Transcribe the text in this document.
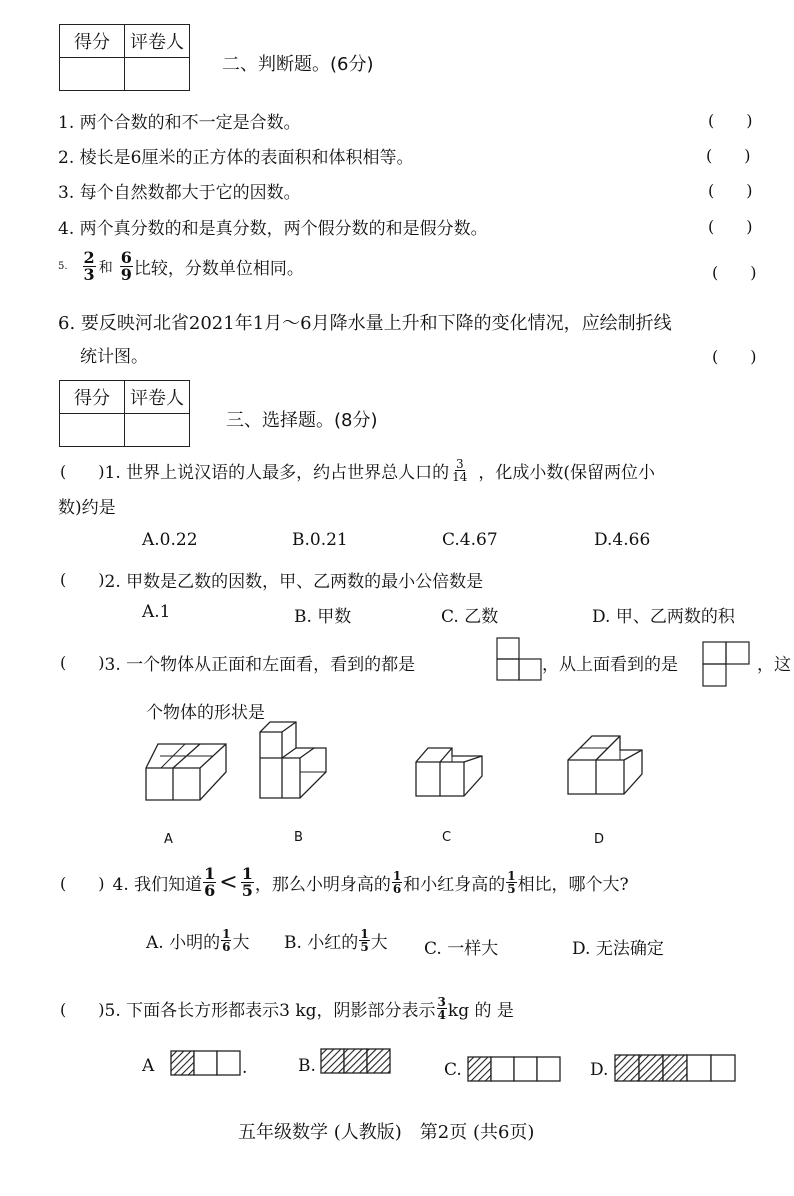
得分	评卷人

二、判断题。(6分)
1. 两个合数的和不一定是合数。	(　　)
2. 棱长是6厘米的正方体的表面积和体积相等。	(　　)
3. 每个自然数都大于它的因数。	(　　)
4. 两个真分数的和是真分数，两个假分数的和是假分数。	(　　)
5. $\frac{2}{3}$ 和 $\frac{6}{9}$ 比较，分数单位相同。	(　　)
6. 要反映河北省2021年1月～6月降水量上升和下降的变化情况，应绘制折线
统计图。	(　　)
得分	评卷人

三、选择题。(8分)
(　　) 1. 世界上说汉语的人最多，约占世界总人口的 $\frac{3}{14}$ ，化成小数(保留两位小
数)约是
A.0.22	B.0.21	C.4.67	D.4.66
(　　) 2. 甲数是乙数的因数，甲、乙两数的最小公倍数是
A.1	B. 甲数	C. 乙数	D. 甲、乙两数的积
(　　) 3. 一个物体从正面和左面看，看到的都是	，从上面看到的是	，这
个物体的形状是
A	B	C	D
(　　) 4. 我们知道 $\frac{1}{6} < \frac{1}{5}$ ，那么小明身高的 $\frac{1}{6}$ 和小红身高的 $\frac{1}{5}$ 相比，哪个大?
A. 小明的 $\frac{1}{6}$ 大 B. 小红的 $\frac{1}{5}$ 大 C. 一样大	D. 无法确定
(　　) 5. 下面各长方形都表示3 kg，阴影部分表示 $\frac{3}{4}$ kg 的 是
A	.	B.	C.	D.
五年级数学 (人教版)　第2页 (共6页)
